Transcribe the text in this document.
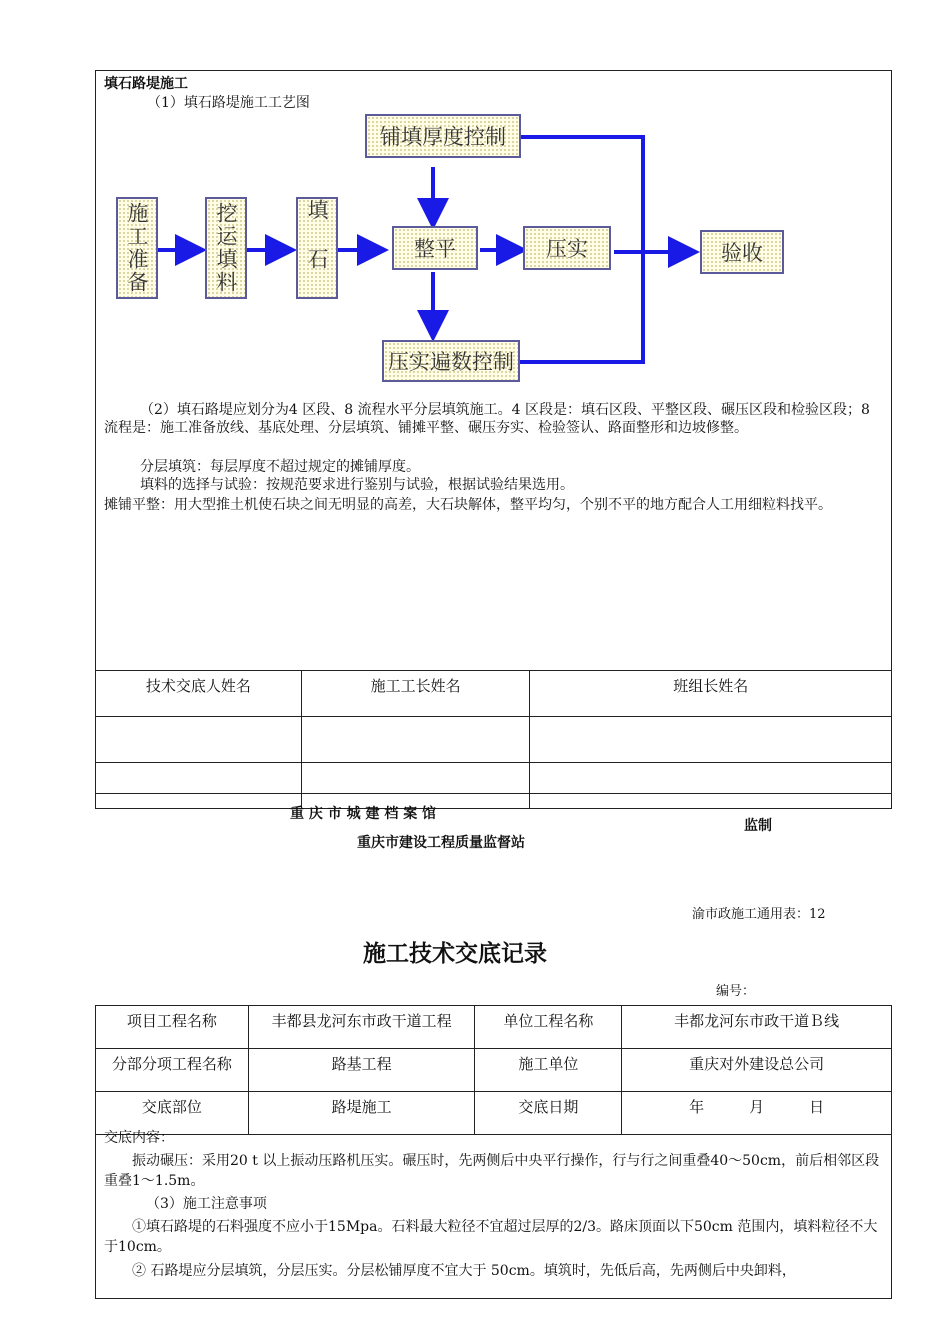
填石路堤施工
（1）填石路堤施工工艺图
施工准备	挖运填料	填石	整平	压实	验收
铺填厚度控制
压实遍数控制
（2）填石路堤应划分为4 区段、8 流程水平分层填筑施工。4 区段是：填石区段、平整区段、碾压区段和检验区段；8 流程是：施工准备放线、基底处理、分层填筑、铺摊平整、碾压夯实、检验签认、路面整形和边坡修整。
分层填筑：每层厚度不超过规定的摊铺厚度。
填料的选择与试验：按规范要求进行鉴别与试验，根据试验结果选用。
摊铺平整：用大型推土机使石块之间无明显的高差，大石块解体，整平均匀，个别不平的地方配合人工用细粒料找平。
技术交底人姓名	施工工长姓名	班组长姓名

重 庆 市 城 建 档 案 馆
重庆市建设工程质量监督站
监制
渝市政施工通用表：12
施工技术交底记录
编号：
项目工程名称	丰都县龙河东市政干道工程	单位工程名称	丰都龙河东市政干道Ｂ线
分部分项工程名称	路基工程	施工单位	重庆对外建设总公司
交底部位	路堤施工	交底日期	年　　　月　　　日
交底内容：
振动碾压：采用20 t 以上振动压路机压实。碾压时，先两侧后中央平行操作，行与行之间重叠40～50cm，前后相邻区段重叠1～1.5m。
（3）施工注意事项
①填石路堤的石料强度不应小于15Mpa。石料最大粒径不宜超过层厚的2/3。路床顶面以下50cm 范围内，填料粒径不大于10cm。
② 石路堤应分层填筑，分层压实。分层松铺厚度不宜大于 50cm。填筑时，先低后高，先两侧后中央卸料，
